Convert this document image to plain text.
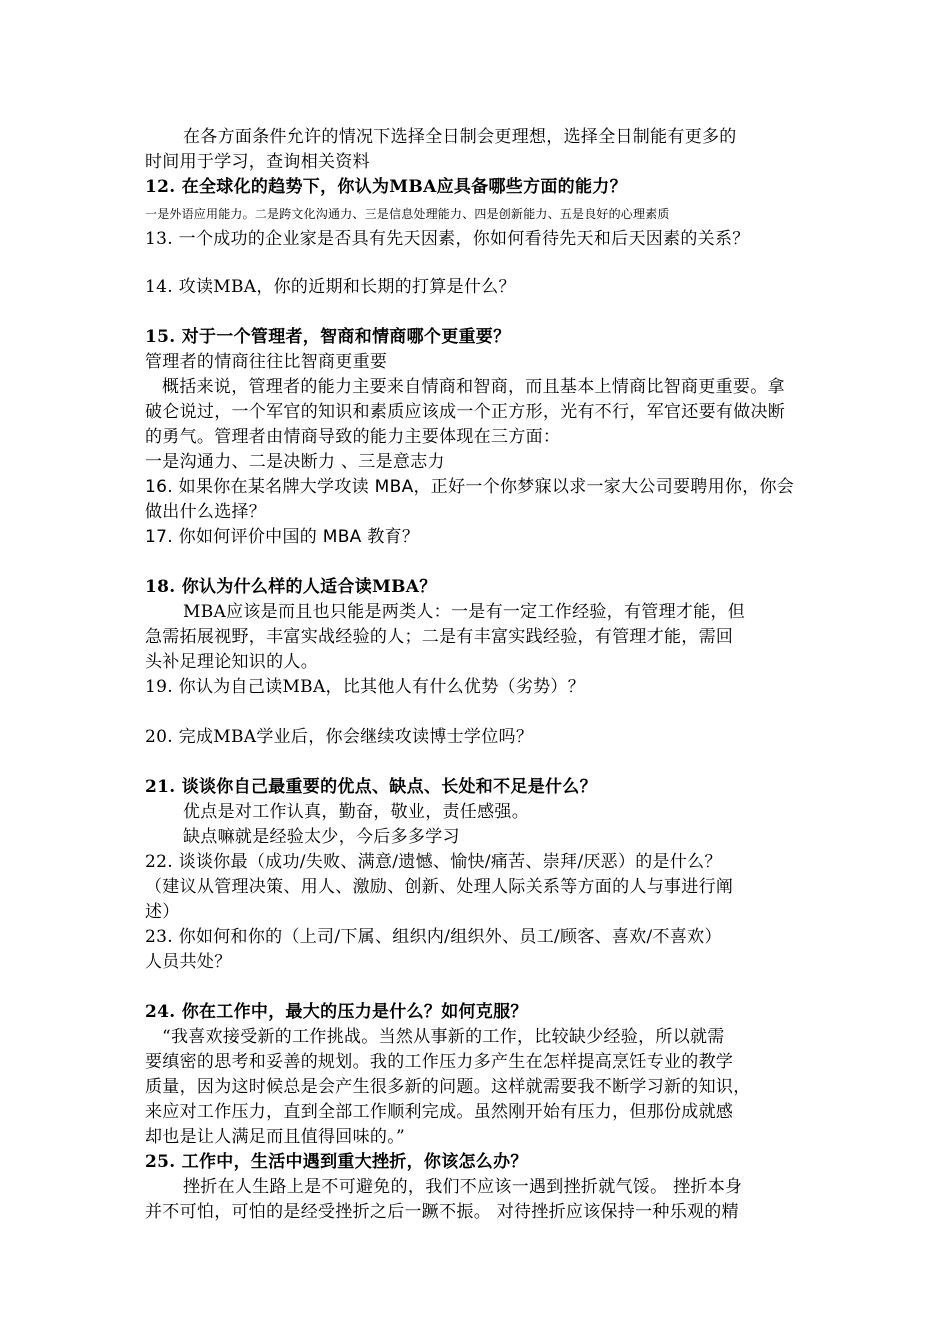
在各方面条件允许的情况下选择全日制会更理想，选择全日制能有更多的
时间用于学习，查询相关资料
12. 在全球化的趋势下，你认为MBA应具备哪些方面的能力？
一是外语应用能力。二是跨文化沟通力、三是信息处理能力、四是创新能力、五是良好的心理素质
13. 一个成功的企业家是否具有先天因素，你如何看待先天和后天因素的关系？
14. 攻读MBA，你的近期和长期的打算是什么？
15. 对于一个管理者，智商和情商哪个更重要？
管理者的情商往往比智商更重要
概括来说，管理者的能力主要来自情商和智商，而且基本上情商比智商更重要。拿
破仑说过，一个军官的知识和素质应该成一个正方形，光有不行，军官还要有做决断
的勇气。管理者由情商导致的能力主要体现在三方面：
一是沟通力、二是决断力 、三是意志力
16. 如果你在某名牌大学攻读 MBA，正好一个你梦寐以求一家大公司要聘用你，你会
做出什么选择？
17. 你如何评价中国的 MBA 教育？
18. 你认为什么样的人适合读MBA？
MBA应该是而且也只能是两类人：一是有一定工作经验，有管理才能，但
急需拓展视野，丰富实战经验的人；二是有丰富实践经验，有管理才能，需回
头补足理论知识的人。
19. 你认为自己读MBA，比其他人有什么优势（劣势）？
20. 完成MBA学业后，你会继续攻读博士学位吗？
21. 谈谈你自己最重要的优点、缺点、长处和不足是什么？
优点是对工作认真，勤奋，敬业，责任感强。
缺点嘛就是经验太少，今后多多学习
22. 谈谈你最（成功/失败、满意/遗憾、愉快/痛苦、崇拜/厌恶）的是什么？
（建议从管理决策、用人、激励、创新、处理人际关系等方面的人与事进行阐
述）
23. 你如何和你的（上司/下属、组织内/组织外、员工/顾客、喜欢/不喜欢）
人员共处？
24. 你在工作中，最大的压力是什么？如何克服？
“我喜欢接受新的工作挑战。当然从事新的工作，比较缺少经验，所以就需
要缜密的思考和妥善的规划。我的工作压力多产生在怎样提高烹饪专业的教学
质量，因为这时候总是会产生很多新的问题。这样就需要我不断学习新的知识，
来应对工作压力，直到全部工作顺利完成。虽然刚开始有压力，但那份成就感
却也是让人满足而且值得回味的。”
25. 工作中，生活中遇到重大挫折，你该怎么办？
挫折在人生路上是不可避免的，我们不应该一遇到挫折就气馁。 挫折本身
并不可怕，可怕的是经受挫折之后一蹶不振。 对待挫折应该保持一种乐观的精
